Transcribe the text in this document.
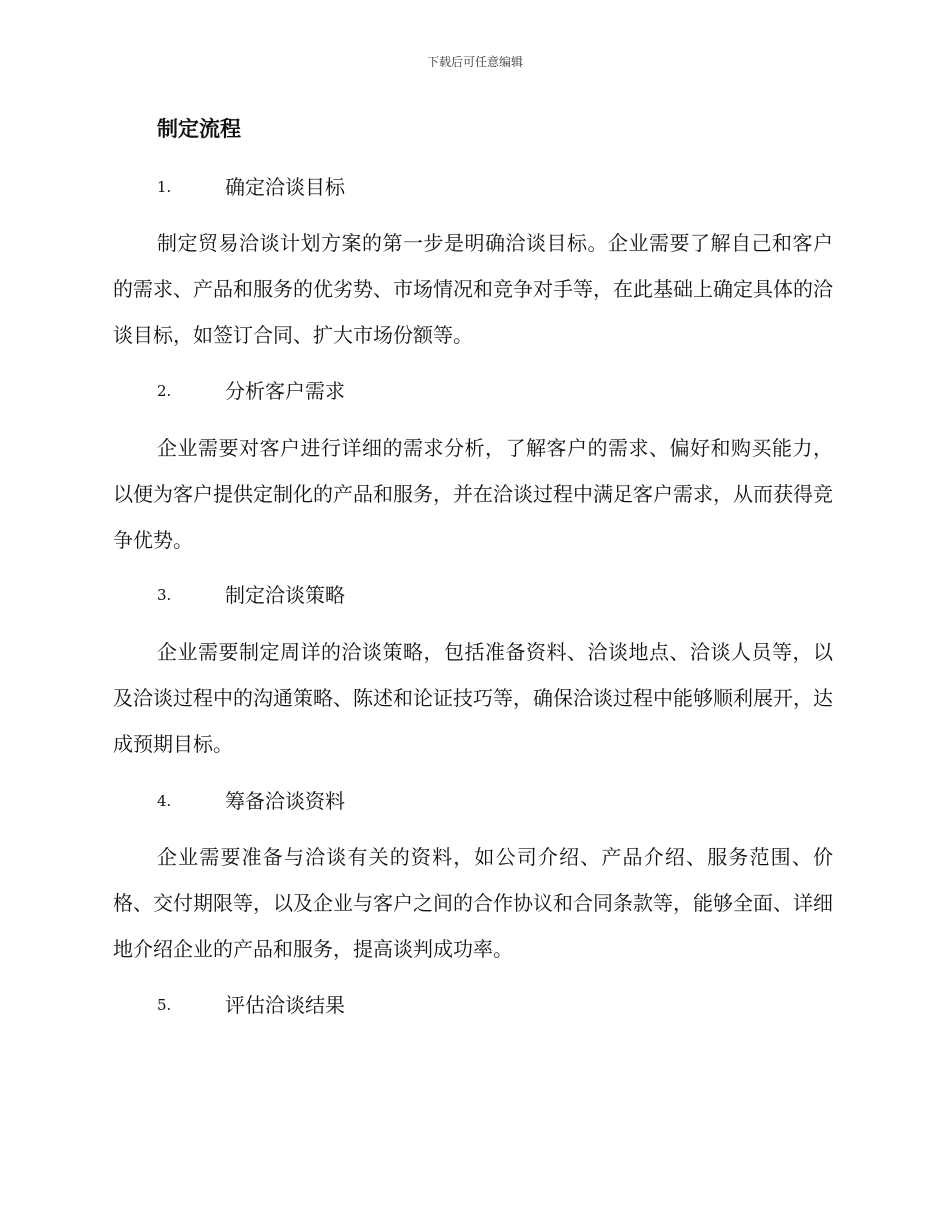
下载后可任意编辑
制定流程
1.	确定洽谈目标

制定贸易洽谈计划方案的第一步是明确洽谈目标。企业需要了解自己和客户的需求、产品和服务的优劣势、市场情况和竞争对手等，在此基础上确定具体的洽谈目标，如签订合同、扩大市场份额等。

2.	分析客户需求

企业需要对客户进行详细的需求分析，了解客户的需求、偏好和购买能力，以便为客户提供定制化的产品和服务，并在洽谈过程中满足客户需求，从而获得竞争优势。

3.	制定洽谈策略

企业需要制定周详的洽谈策略，包括准备资料、洽谈地点、洽谈人员等，以及洽谈过程中的沟通策略、陈述和论证技巧等，确保洽谈过程中能够顺利展开，达成预期目标。

4.	筹备洽谈资料

企业需要准备与洽谈有关的资料，如公司介绍、产品介绍、服务范围、价格、交付期限等，以及企业与客户之间的合作协议和合同条款等，能够全面、详细地介绍企业的产品和服务，提高谈判成功率。

5.	评估洽谈结果
